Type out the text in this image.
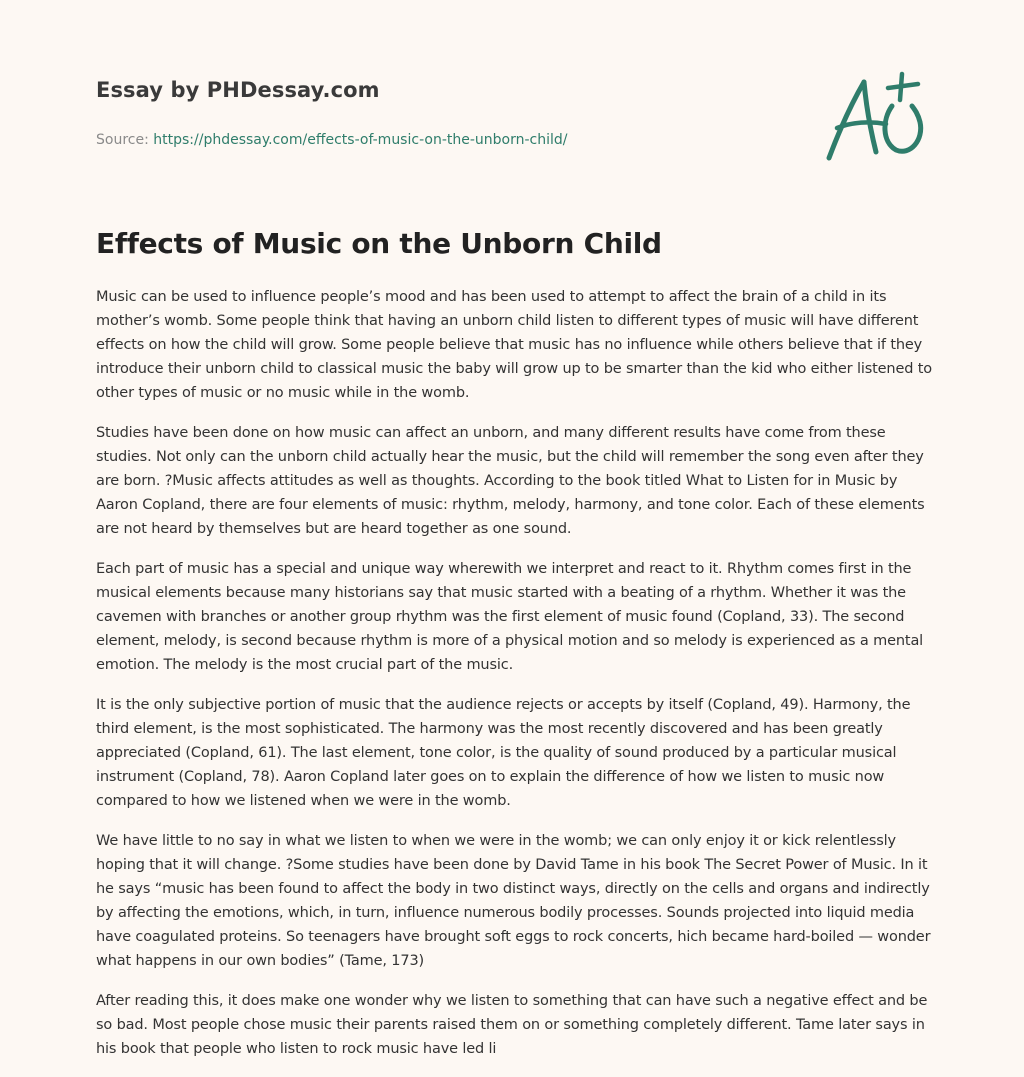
Essay by PHDessay.com
Source: https://phdessay.com/effects-of-music-on-the-unborn-child/
Effects of Music on the Unborn Child

Music can be used to influence people’s mood and has been used to attempt to affect the brain of a child in its mother’s womb. Some people think that having an unborn child listen to different types of music will have different effects on how the child will grow. Some people believe that music has no influence while others believe that if they introduce their unborn child to classical music the baby will grow up to be smarter than the kid who either listened to other types of music or no music while in the womb.

Studies have been done on how music can affect an unborn, and many different results have come from these studies. Not only can the unborn child actually hear the music, but the child will remember the song even after they are born. ?Music affects attitudes as well as thoughts. According to the book titled What to Listen for in Music by Aaron Copland, there are four elements of music: rhythm, melody, harmony, and tone color. Each of these elements are not heard by themselves but are heard together as one sound.

Each part of music has a special and unique way wherewith we interpret and react to it. Rhythm comes first in the musical elements because many historians say that music started with a beating of a rhythm. Whether it was the cavemen with branches or another group rhythm was the first element of music found (Copland, 33). The second element, melody, is second because rhythm is more of a physical motion and so melody is experienced as a mental emotion. The melody is the most crucial part of the music.

It is the only subjective portion of music that the audience rejects or accepts by itself (Copland, 49). Harmony, the third element, is the most sophisticated. The harmony was the most recently discovered and has been greatly appreciated (Copland, 61). The last element, tone color, is the quality of sound produced by a particular musical instrument (Copland, 78). Aaron Copland later goes on to explain the difference of how we listen to music now compared to how we listened when we were in the womb.

We have little to no say in what we listen to when we were in the womb; we can only enjoy it or kick relentlessly hoping that it will change. ?Some studies have been done by David Tame in his book The Secret Power of Music. In it he says “music has been found to affect the body in two distinct ways, directly on the cells and organs and indirectly by affecting the emotions, which, in turn, influence numerous bodily processes. Sounds projected into liquid media have coagulated proteins. So teenagers have brought soft eggs to rock concerts, hich became hard-boiled — wonder what happens in our own bodies” (Tame, 173)

After reading this, it does make one wonder why we listen to something that can have such a negative effect and be so bad. Most people chose music their parents raised them on or something completely different. Tame later says in his book that people who listen to rock music have led li
